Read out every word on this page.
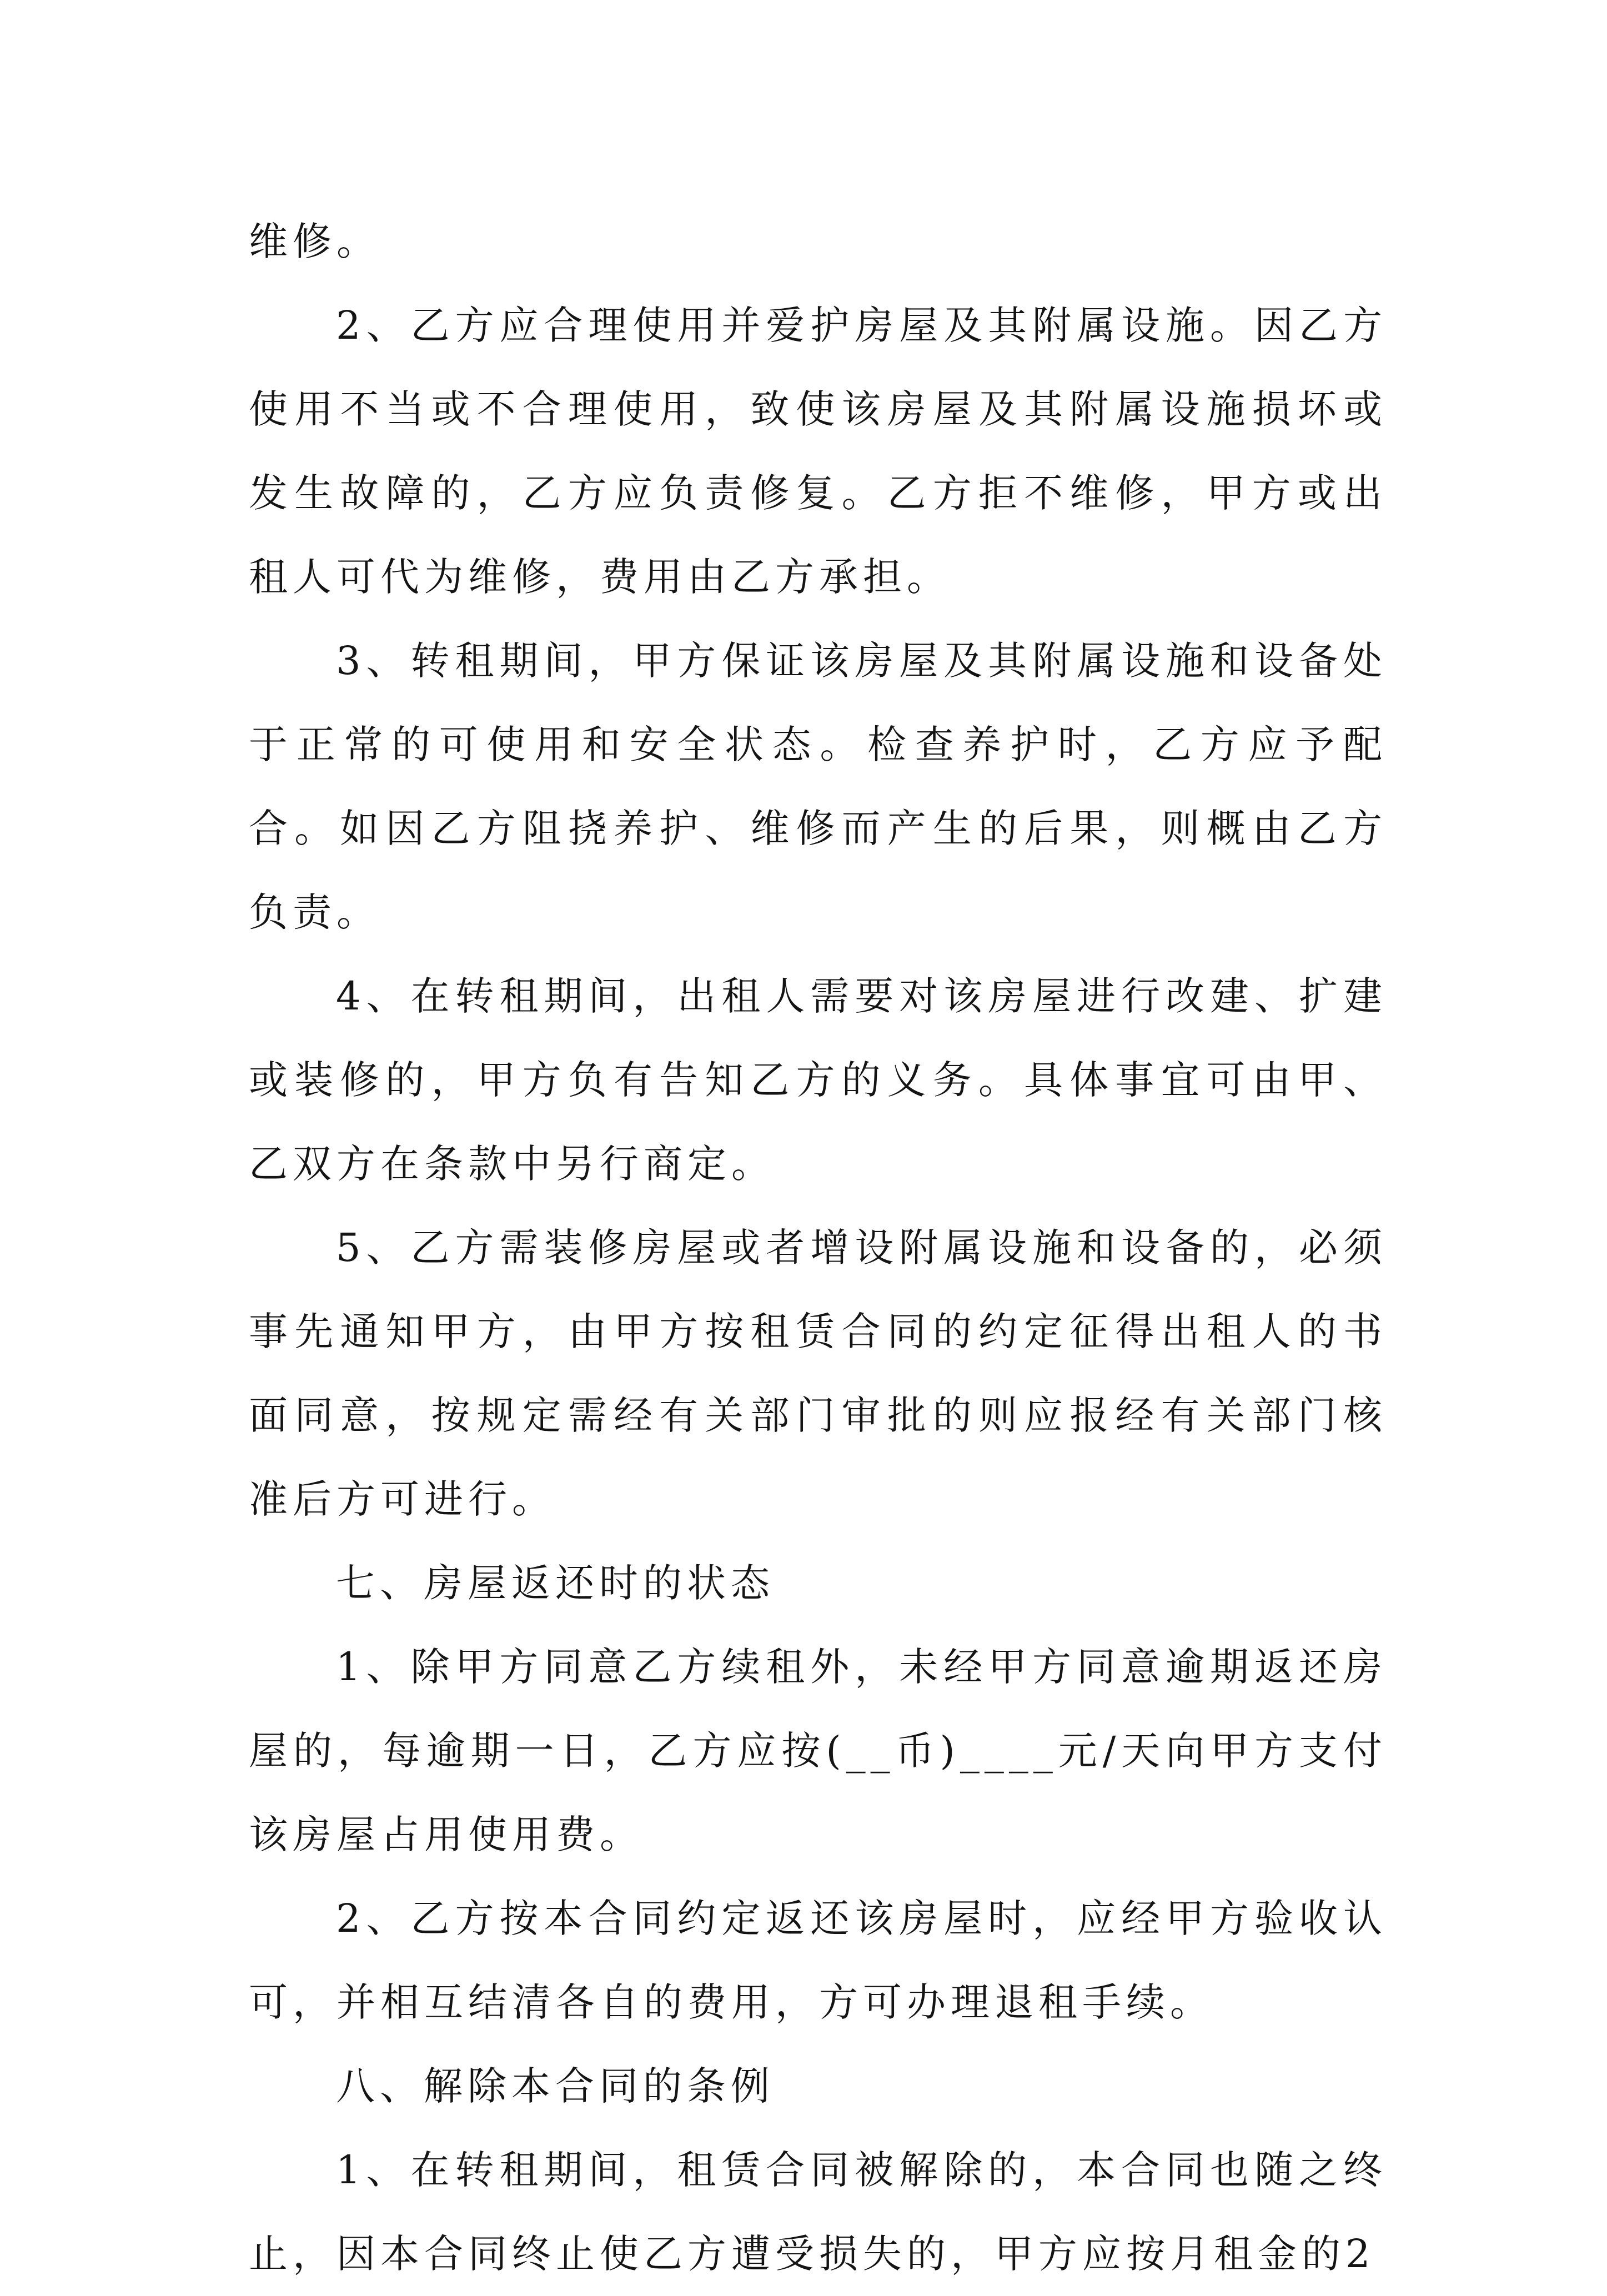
维修。

2、乙方应合理使用并爱护房屋及其附属设施。因乙方使用不当或不合理使用，致使该房屋及其附属设施损坏或发生故障的，乙方应负责修复。乙方拒不维修，甲方或出租人可代为维修，费用由乙方承担。

3、转租期间，甲方保证该房屋及其附属设施和设备处于正常的可使用和安全状态。检查养护时，乙方应予配合。如因乙方阻挠养护、维修而产生的后果，则概由乙方负责。

4、在转租期间，出租人需要对该房屋进行改建、扩建或装修的，甲方负有告知乙方的义务。具体事宜可由甲、乙双方在条款中另行商定。

5、乙方需装修房屋或者增设附属设施和设备的，必须事先通知甲方，由甲方按租赁合同的约定征得出租人的书面同意，按规定需经有关部门审批的则应报经有关部门核准后方可进行。

七、房屋返还时的状态

1、除甲方同意乙方续租外，未经甲方同意逾期返还房屋的，每逾期一日，乙方应按(__币)____元/天向甲方支付该房屋占用使用费。

2、乙方按本合同约定返还该房屋时，应经甲方验收认可，并相互结清各自的费用，方可办理退租手续。

八、解除本合同的条例

1、在转租期间，租赁合同被解除的，本合同也随之终止，因本合同终止使乙方遭受损失的，甲方应按月租金的2
